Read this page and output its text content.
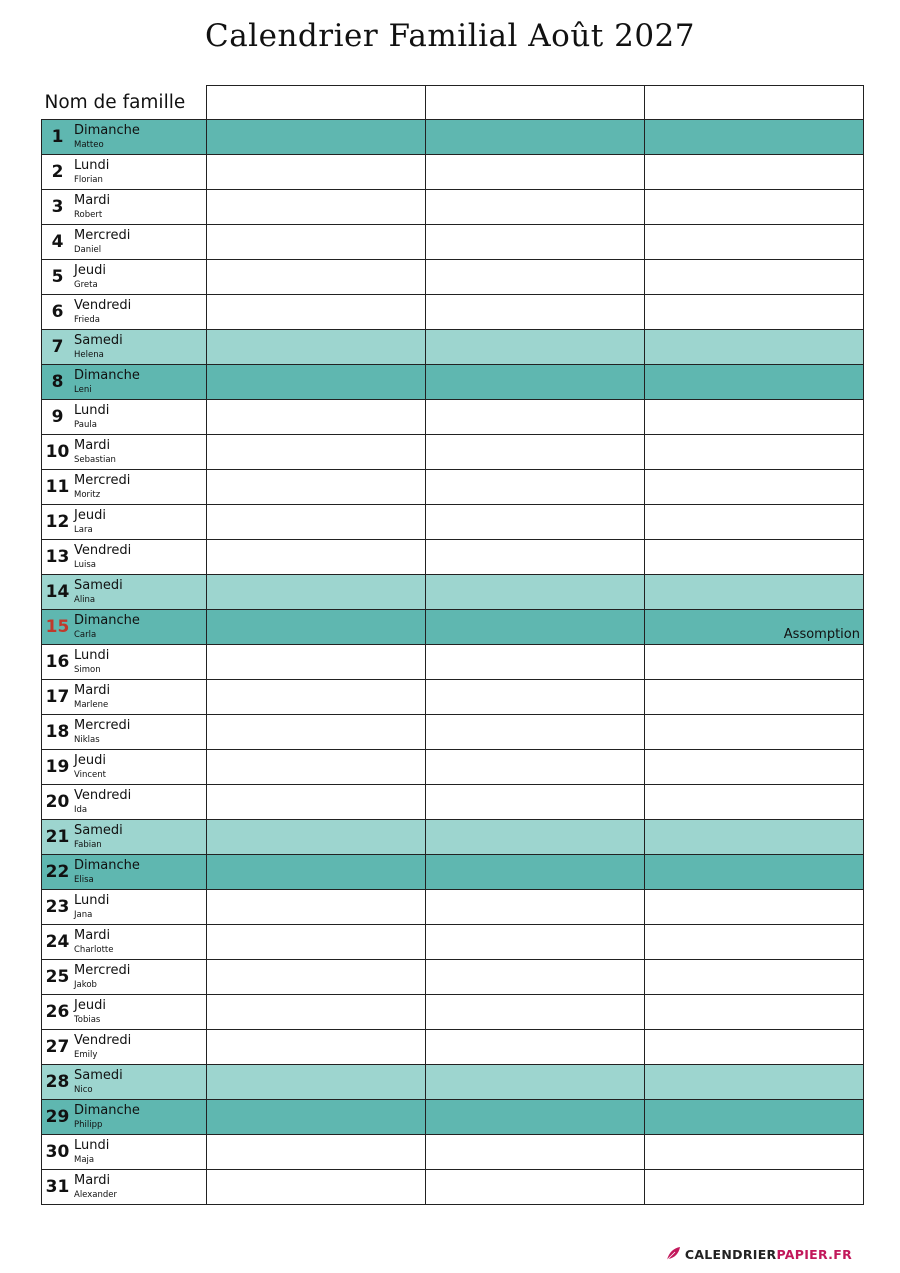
Calendrier Familial Août 2027
Nom de famille			

1 Dimanche
Matteo			

2 Lundi
Florian			

3 Mardi
Robert			

4 Mercredi
Daniel			

5 Jeudi
Greta			

6 Vendredi
Frieda			

7 Samedi
Helena			

8 Dimanche
Leni			

9 Lundi
Paula			

10 Mardi
Sebastian			

11 Mercredi
Moritz			

12 Jeudi
Lara			

13 Vendredi
Luisa			

14 Samedi
Alina			

15 Dimanche
Carla			Assomption

16 Lundi
Simon			

17 Mardi
Marlene			

18 Mercredi
Niklas			

19 Jeudi
Vincent			

20 Vendredi
Ida			

21 Samedi
Fabian			

22 Dimanche
Elisa			

23 Lundi
Jana			

24 Mardi
Charlotte			

25 Mercredi
Jakob			

26 Jeudi
Tobias			

27 Vendredi
Emily			

28 Samedi
Nico			

29 Dimanche
Philipp			

30 Lundi
Maja			

31 Mardi
Alexander			

CALENDRIER PAPIER.FR
